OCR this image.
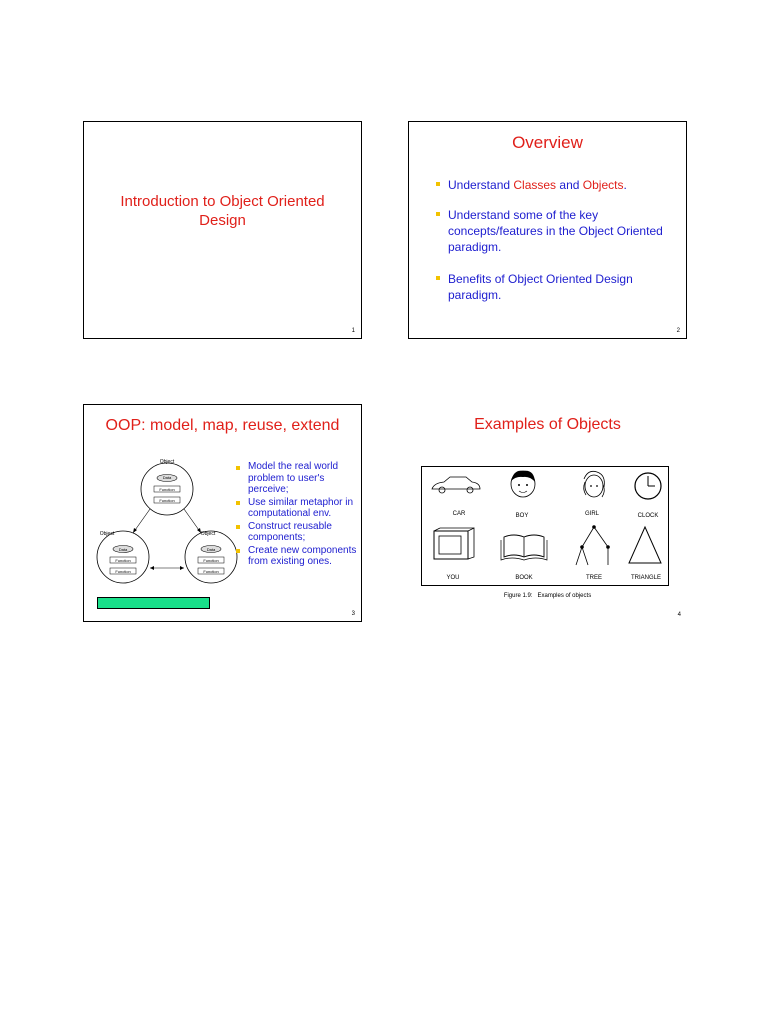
Introduction to Object Oriented
Design
1
Overview
Understand Classes and Objects.
Understand some of the key concepts/features in the Object Oriented paradigm.
Benefits of Object Oriented Design paradigm.
2
OOP: model, map, reuse, extend
Object
Data
Function
Function
Object
Data
Function
Function
Object
Data
Function
Function
Model the real world problem to user's perceive;
Use similar metaphor in computational env.
Construct reusable components;
Create new components from existing ones.
3
Examples of Objects
CAR	BOY	GIRL	CLOCK
YOU	BOOK	TREE	TRIANGLE
Figure 1.9:   Examples of objects
4
